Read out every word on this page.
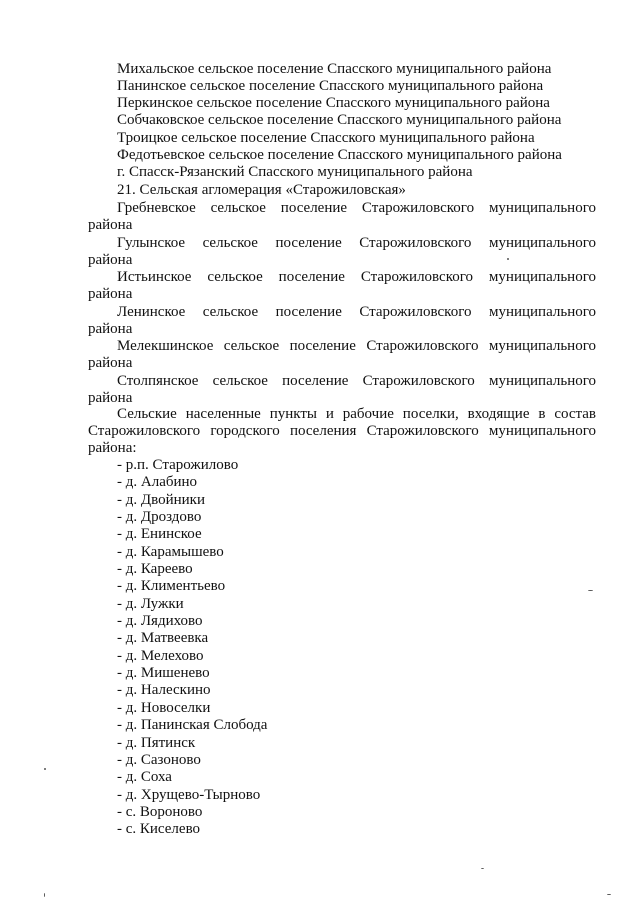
Михальское сельское поселение Спасского муниципального района
Панинское сельское поселение Спасского муниципального района
Перкинское сельское поселение Спасского муниципального района
Собчаковское сельское поселение Спасского муниципального района
Троицкое сельское поселение Спасского муниципального района
Федотьевское сельское поселение Спасского муниципального района
г. Спасск-Рязанский Спасского муниципального района
21. Сельская агломерация «Старожиловская»
Гребневское сельское поселение Старожиловского муниципального
района
Гулынское сельское поселение Старожиловского муниципального
района
Истьинское сельское поселение Старожиловского муниципального
района
Ленинское сельское поселение Старожиловского муниципального
района
Мелекшинское сельское поселение Старожиловского муниципального
района
Столпянское сельское поселение Старожиловского муниципального
района
Сельские населенные пункты и рабочие поселки, входящие в состав
Старожиловского городского поселения Старожиловского муниципального
района:
- р.п. Старожилово
- д. Алабино
- д. Двойники
- д. Дроздово
- д. Енинское
- д. Карамышево
- д. Кареево
- д. Климентьево
- д. Лужки
- д. Лядихово
- д. Матвеевка
- д. Мелехово
- д. Мишенево
- д. Налескино
- д. Новоселки
- д. Панинская Слобода
- д. Пятинск
- д. Сазоново
- д. Соха
- д. Хрущево-Тырново
- с. Вороново
- с. Киселево
